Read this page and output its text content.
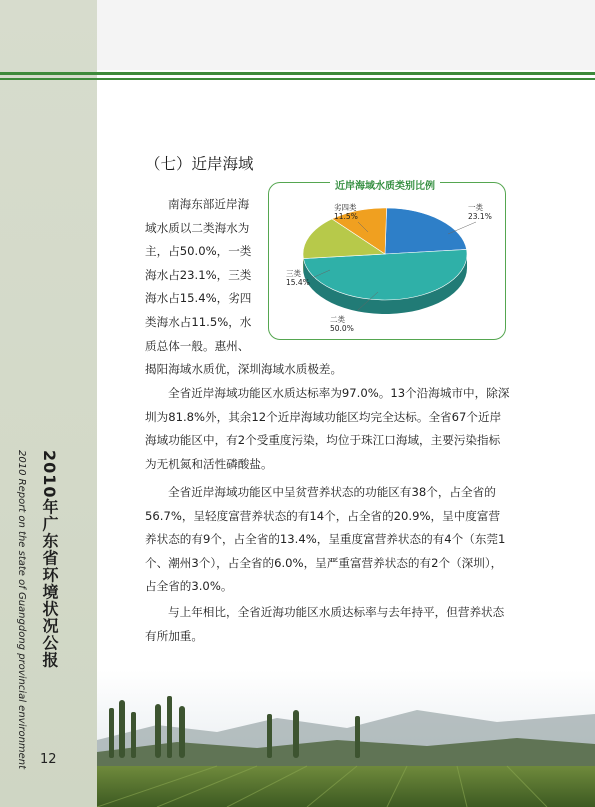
2010年广东省环境状况公报
2010 Report on the state of Guangdong provincial environment 12
（七）近岸海域
近岸海域水质类别比例
一类
23.1%
二类
50.0%
三类
15.4%
劣四类
11.5%
南海东部近岸海
域水质以二类海水为
主，占50.0%，一类
海水占23.1%，三类
海水占15.4%，劣四
类海水占11.5%，水
质总体一般。惠州、
揭阳海域水质优，深圳海域水质极差。
全省近岸海域功能区水质达标率为97.0%。13个沿海城市中，除深圳为81.8%外，其余12个近岸海域功能区均完全达标。全省67个近岸海域功能区中，有2个受重度污染，均位于珠江口海域，主要污染指标为无机氮和活性磷酸盐。
全省近岸海域功能区中呈贫营养状态的功能区有38个，占全省的56.7%，呈轻度富营养状态的有14个，占全省的20.9%，呈中度富营养状态的有9个，占全省的13.4%，呈重度富营养状态的有4个（东莞1个、潮州3个），占全省的6.0%，呈严重富营养状态的有2个（深圳），占全省的3.0%。
与上年相比，全省近海功能区水质达标率与去年持平，但营养状态有所加重。
